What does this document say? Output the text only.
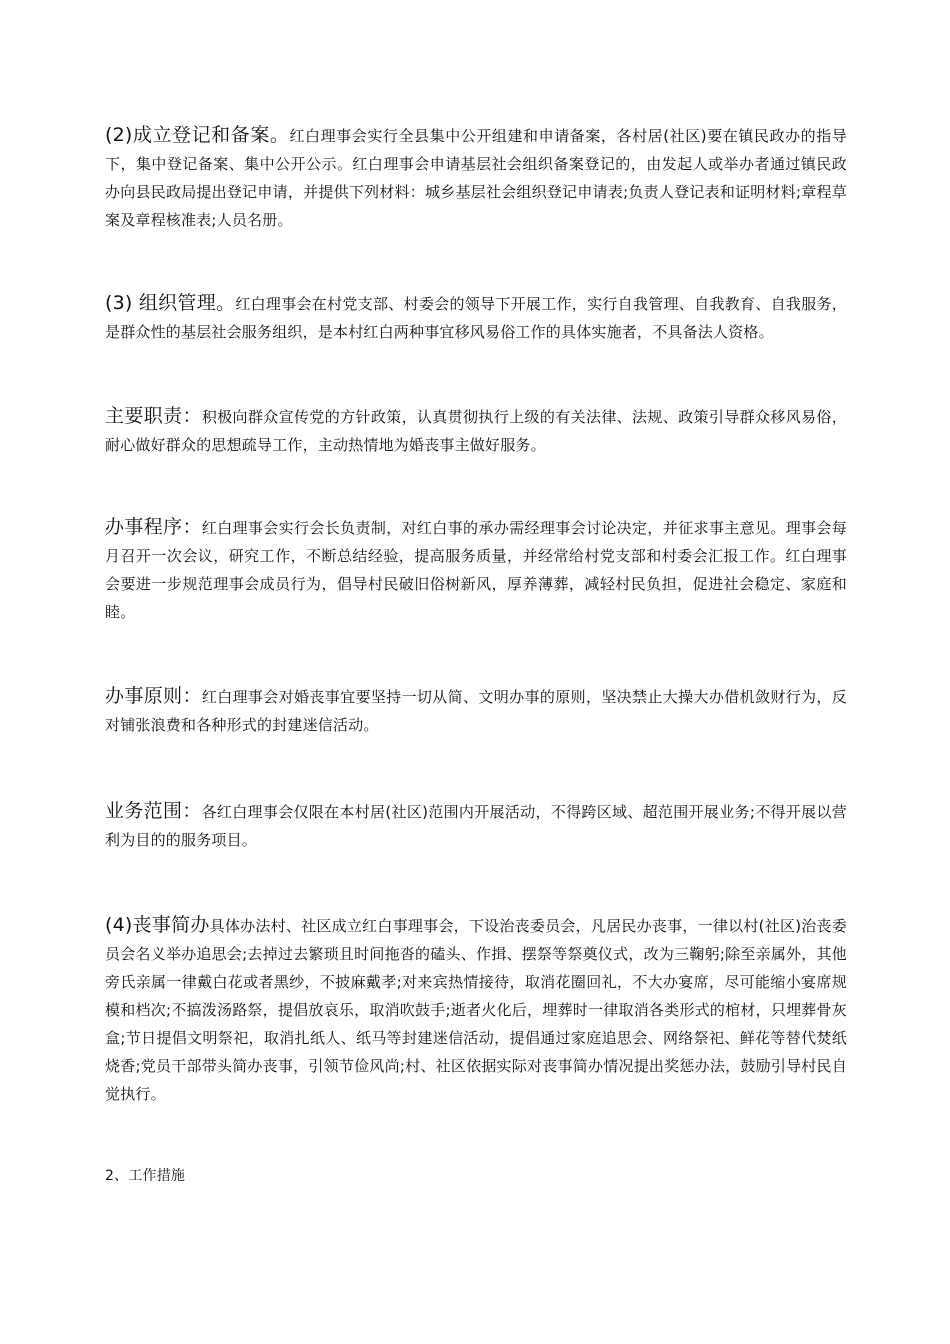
(2)成立登记和备案。红白理事会实行全县集中公开组建和申请备案，各村居(社区)要在镇民政办的指导下，集中登记备案、集中公开公示。红白理事会申请基层社会组织备案登记的，由发起人或举办者通过镇民政办向县民政局提出登记申请，并提供下列材料：城乡基层社会组织登记申请表;负责人登记表和证明材料;章程草案及章程核准表;人员名册。

(3) 组织管理。红白理事会在村党支部、村委会的领导下开展工作，实行自我管理、自我教育、自我服务，是群众性的基层社会服务组织，是本村红白两种事宜移风易俗工作的具体实施者，不具备法人资格。

主要职责：积极向群众宣传党的方针政策，认真贯彻执行上级的有关法律、法规、政策引导群众移风易俗，耐心做好群众的思想疏导工作，主动热情地为婚丧事主做好服务。

办事程序：红白理事会实行会长负责制，对红白事的承办需经理事会讨论决定，并征求事主意见。理事会每月召开一次会议，研究工作，不断总结经验，提高服务质量，并经常给村党支部和村委会汇报工作。红白理事会要进一步规范理事会成员行为，倡导村民破旧俗树新风，厚养薄葬，减轻村民负担，促进社会稳定、家庭和睦。

办事原则：红白理事会对婚丧事宜要坚持一切从简、文明办事的原则，坚决禁止大操大办借机敛财行为，反对铺张浪费和各种形式的封建迷信活动。

业务范围：各红白理事会仅限在本村居(社区)范围内开展活动，不得跨区域、超范围开展业务;不得开展以营利为目的的服务项目。

(4)丧事简办具体办法村、社区成立红白事理事会，下设治丧委员会，凡居民办丧事，一律以村(社区)治丧委员会名义举办追思会;去掉过去繁琐且时间拖沓的磕头、作揖、摆祭等祭奠仪式，改为三鞠躬;除至亲属外，其他旁氏亲属一律戴白花或者黑纱，不披麻戴孝;对来宾热情接待，取消花圈回礼，不大办宴席，尽可能缩小宴席规模和档次;不搞泼汤路祭，提倡放哀乐，取消吹鼓手;逝者火化后，埋葬时一律取消各类形式的棺材，只埋葬骨灰盒;节日提倡文明祭祀，取消扎纸人、纸马等封建迷信活动，提倡通过家庭追思会、网络祭祀、鲜花等替代焚纸烧香;党员干部带头简办丧事，引领节俭风尚;村、社区依据实际对丧事简办情况提出奖惩办法，鼓励引导村民自觉执行。

2、工作措施
